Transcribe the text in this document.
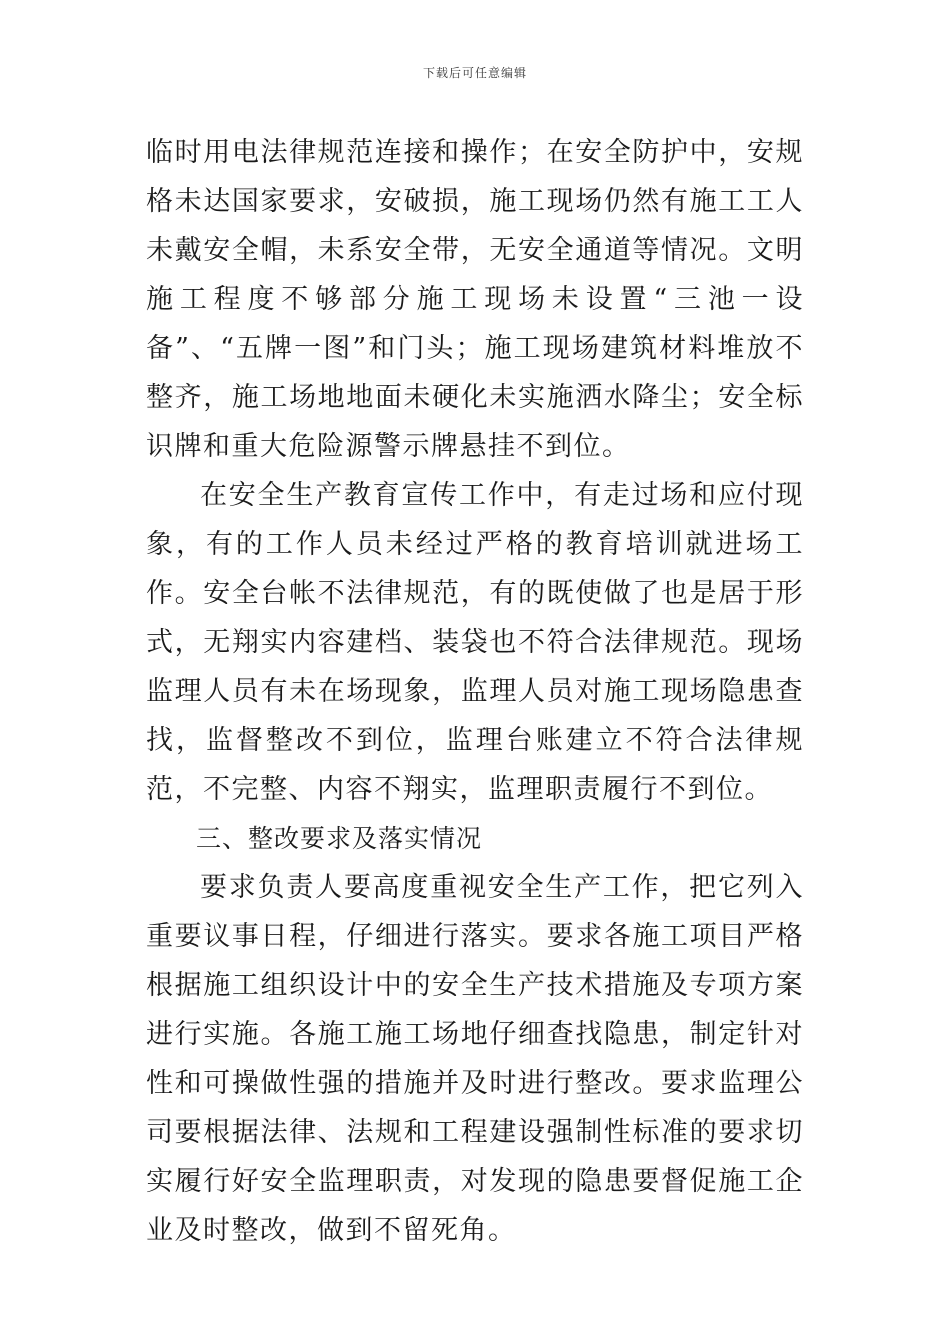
下载后可任意编辑

临时用电法律规范连接和操作；在安全防护中，安规格未达国家要求，安破损，施工现场仍然有施工工人未戴安全帽，未系安全带，无安全通道等情况。文明施工程度不够部分施工现场未设置“三池一设备”、“五牌一图”和门头；施工现场建筑材料堆放不整齐，施工场地地面未硬化未实施洒水降尘；安全标识牌和重大危险源警示牌悬挂不到位。

在安全生产教育宣传工作中，有走过场和应付现象，有的工作人员未经过严格的教育培训就进场工作。安全台帐不法律规范，有的既使做了也是居于形式，无翔实内容建档、装袋也不符合法律规范。现场监理人员有未在场现象，监理人员对施工现场隐患查找，监督整改不到位，监理台账建立不符合法律规范，不完整、内容不翔实，监理职责履行不到位。

三、整改要求及落实情况

要求负责人要高度重视安全生产工作，把它列入重要议事日程，仔细进行落实。要求各施工项目严格根据施工组织设计中的安全生产技术措施及专项方案进行实施。各施工施工场地仔细查找隐患，制定针对性和可操做性强的措施并及时进行整改。要求监理公司要根据法律、法规和工程建设强制性标准的要求切实履行好安全监理职责，对发现的隐患要督促施工企业及时整改，做到不留死角。
